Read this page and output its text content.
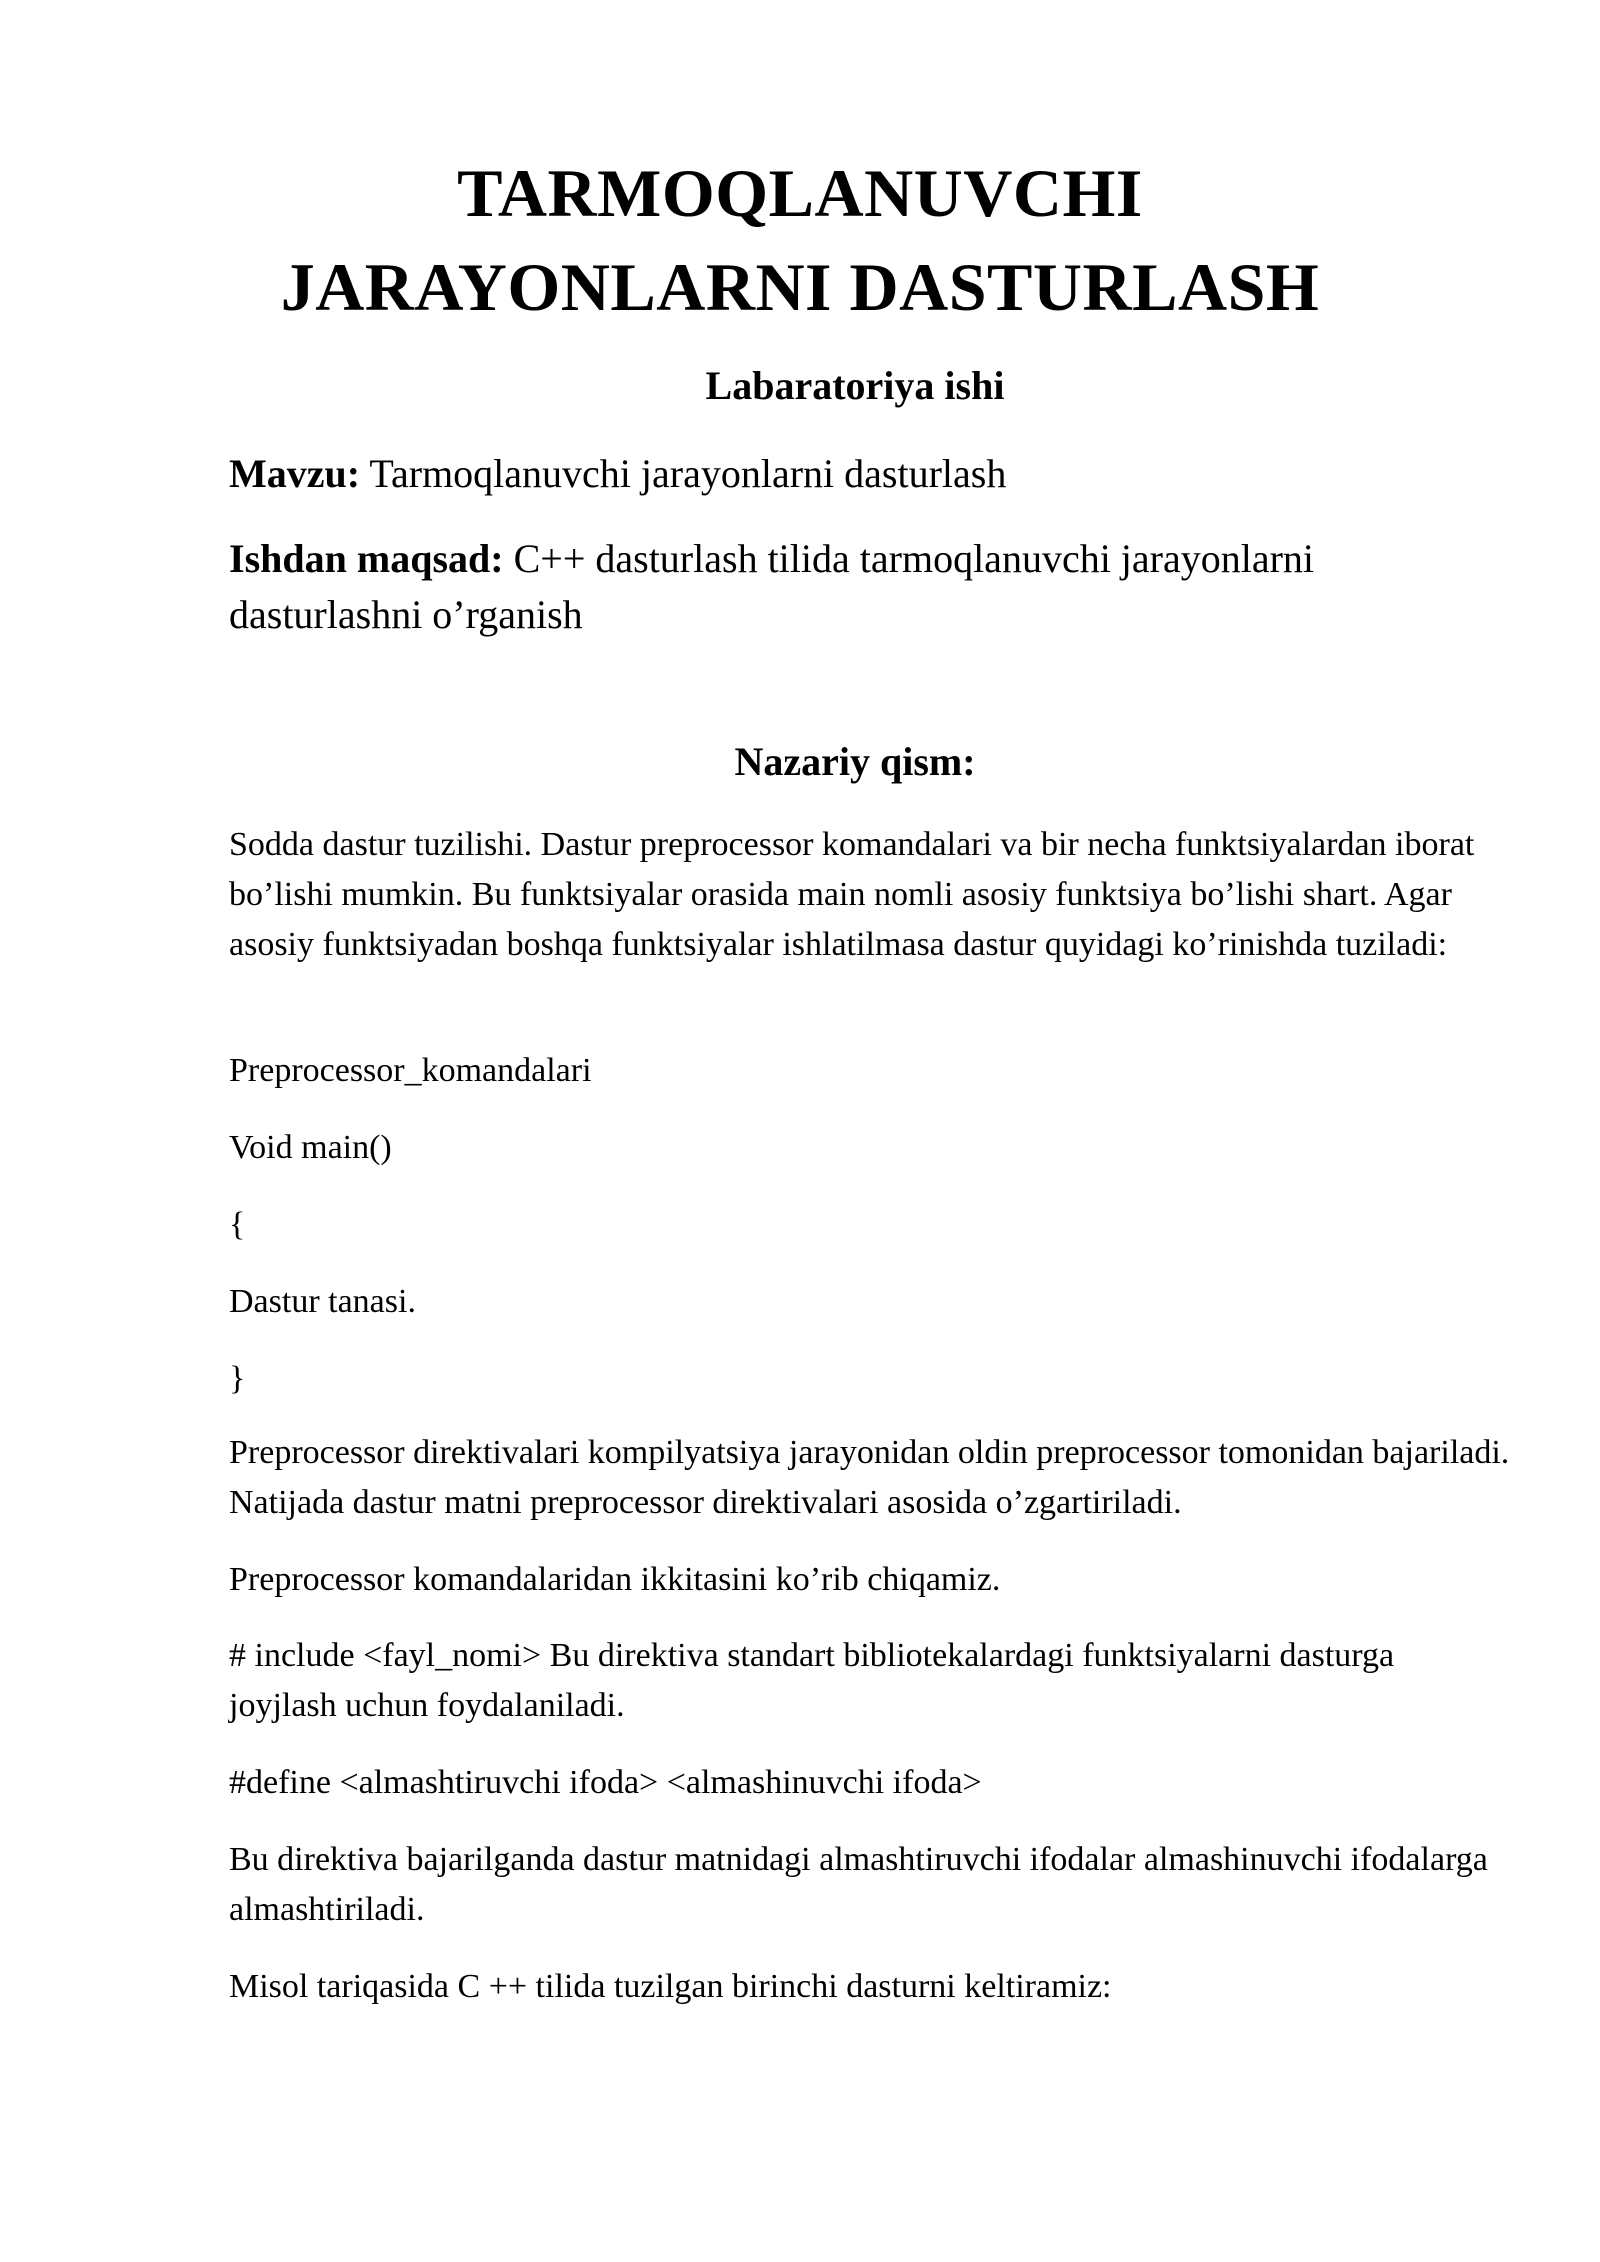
TARMOQLANUVCHI
JARAYONLARNI DASTURLASH

Labaratoriya ishi

Mavzu: Tarmoqlanuvchi jarayonlarni dasturlash

Ishdan maqsad: C++ dasturlash tilida tarmoqlanuvchi jarayonlarni dasturlashni o’rganish

Nazariy qism:

Sodda dastur tuzilishi. Dastur preprocessor komandalari va bir necha funktsiyalardan iborat bo’lishi mumkin. Bu funktsiyalar orasida main nomli asosiy funktsiya bo’lishi shart. Agar asosiy funktsiyadan boshqa funktsiyalar ishlatilmasa dastur quyidagi ko’rinishda tuziladi:

Preprocessor_komandalari

Void main()

{

Dastur tanasi.

}

Preprocessor direktivalari kompilyatsiya jarayonidan oldin preprocessor tomonidan bajariladi. Natijada dastur matni preprocessor direktivalari asosida o’zgartiriladi.

Preprocessor komandalaridan ikkitasini ko’rib chiqamiz.

# include <fayl_nomi> Bu direktiva standart bibliotekalardagi funktsiyalarni dasturga joyjlash uchun foydalaniladi.

#define <almashtiruvchi ifoda> <almashinuvchi ifoda>

Bu direktiva bajarilganda dastur matnidagi almashtiruvchi ifodalar almashinuvchi ifodalarga almashtiriladi.

Misol tariqasida C ++ tilida tuzilgan birinchi dasturni keltiramiz:
